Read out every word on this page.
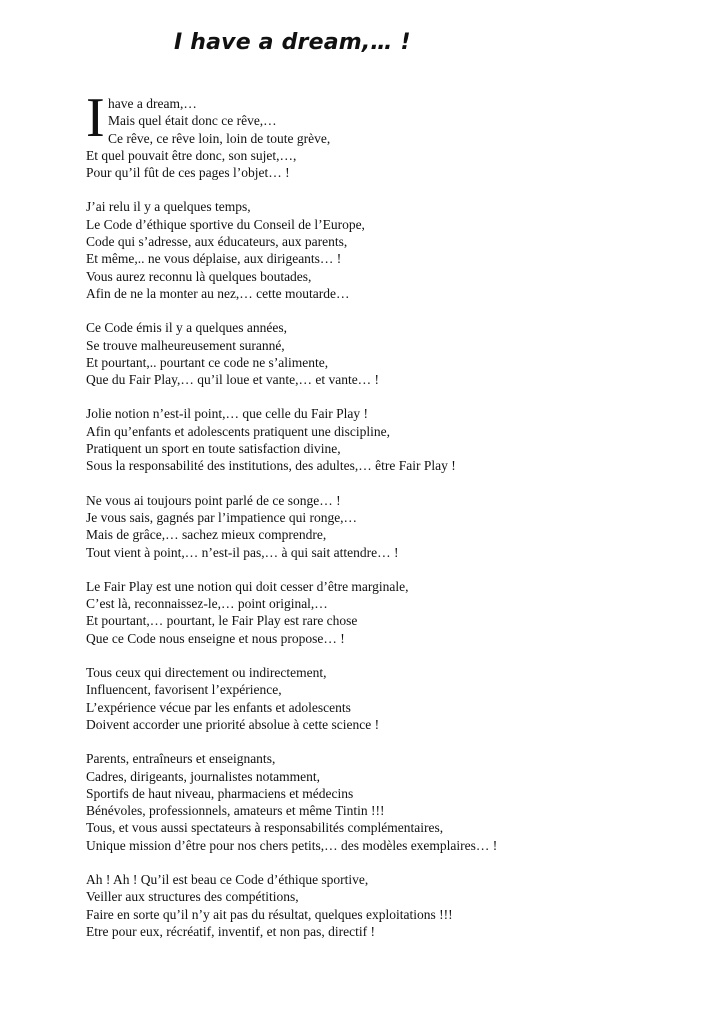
I have a dream,… !
I have a dream,…
Mais quel était donc ce rêve,…
Ce rêve, ce rêve loin, loin de toute grève,
Et quel pouvait être donc, son sujet,…,
Pour qu’il fût de ces pages l’objet… !
J’ai relu il y a quelques temps,
Le Code d’éthique sportive du Conseil de l’Europe,
Code qui s’adresse, aux éducateurs, aux parents,
Et même,.. ne vous déplaise, aux dirigeants… !
Vous aurez reconnu là quelques boutades,
Afin de ne la monter au nez,… cette moutarde…
Ce Code émis il y a quelques années,
Se trouve malheureusement suranné,
Et pourtant,.. pourtant ce code ne s’alimente,
Que du Fair Play,… qu’il loue et vante,… et vante… !
Jolie notion n’est-il point,… que celle du Fair Play !
Afin qu’enfants et adolescents pratiquent une discipline,
Pratiquent un sport en toute satisfaction divine,
Sous la responsabilité des institutions, des adultes,… être Fair Play !
Ne vous ai toujours point parlé de ce songe… !
Je vous sais, gagnés par l’impatience qui ronge,…
Mais de grâce,… sachez mieux comprendre,
Tout vient à point,… n’est-il pas,… à qui sait attendre… !
Le Fair Play est une notion qui doit cesser d’être marginale,
C’est là, reconnaissez-le,… point original,…
Et pourtant,… pourtant, le Fair Play est rare chose
Que ce Code nous enseigne et nous propose… !
Tous ceux qui directement ou indirectement,
Influencent, favorisent l’expérience,
L’expérience vécue par les enfants et adolescents
Doivent accorder une priorité absolue à cette science !
Parents, entraîneurs et enseignants,
Cadres, dirigeants, journalistes notamment,
Sportifs de haut niveau, pharmaciens et médecins
Bénévoles, professionnels, amateurs et même Tintin !!!
Tous, et vous aussi spectateurs à responsabilités complémentaires,
Unique mission d’être pour nos chers petits,… des modèles exemplaires… !
Ah ! Ah ! Qu’il est beau ce Code d’éthique sportive,
Veiller aux structures des compétitions,
Faire en sorte qu’il n’y ait pas du résultat, quelques exploitations !!!
Etre pour eux, récréatif, inventif, et non pas, directif !
